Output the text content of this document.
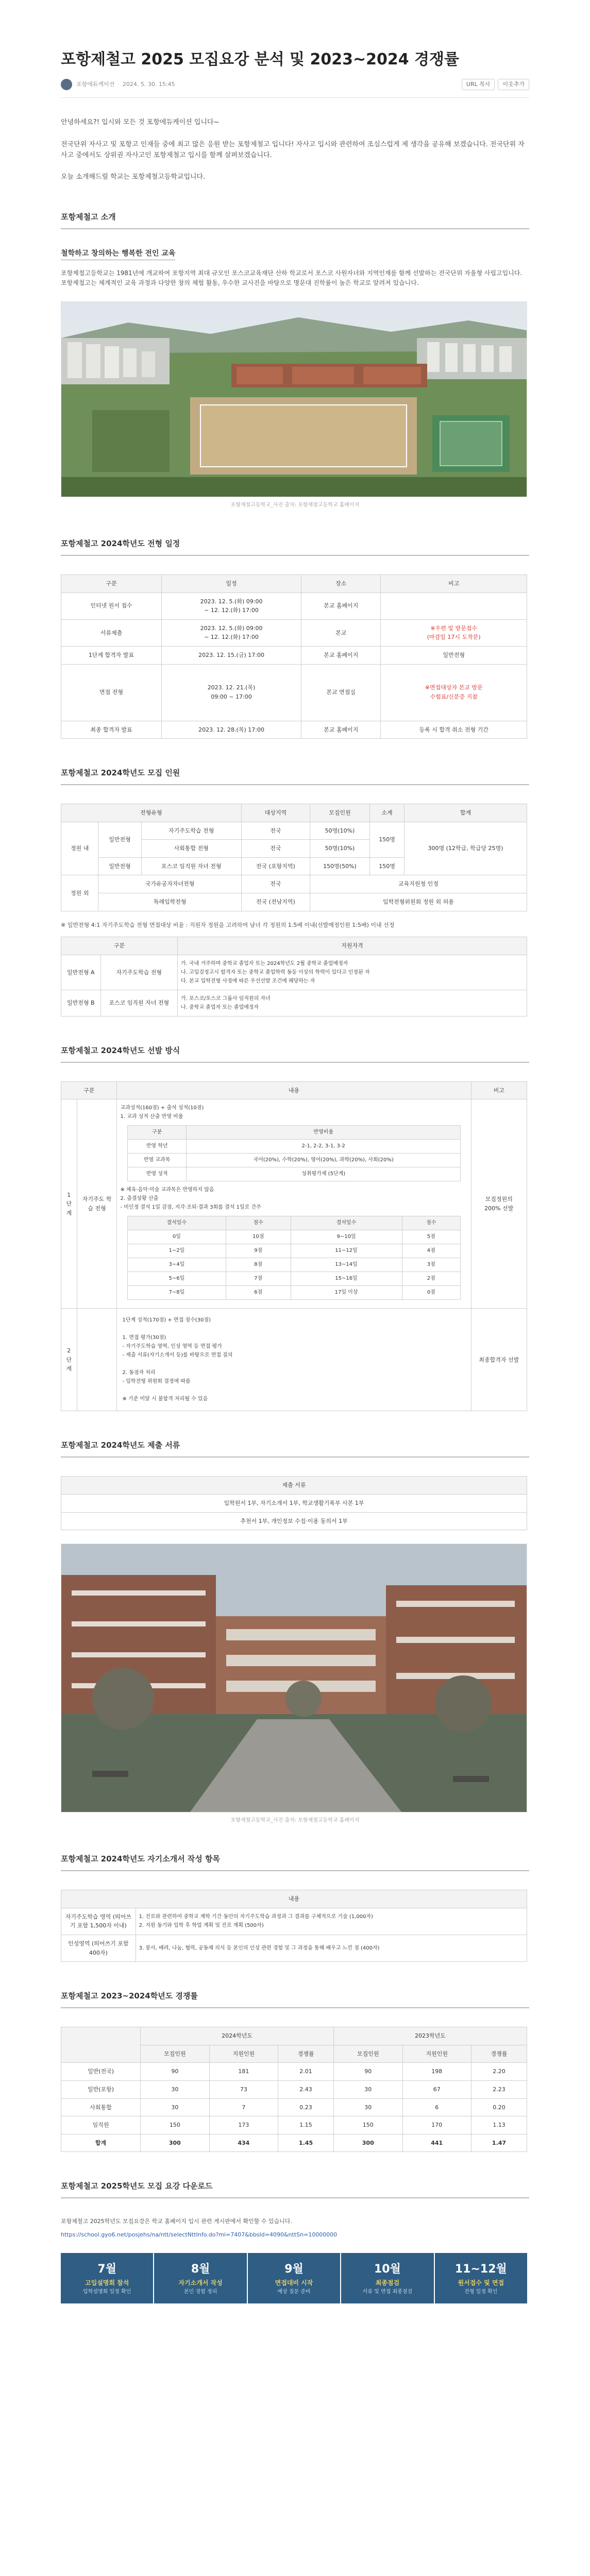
포항제철고 2025 모집요강 분석 및 2023~2024 경쟁률
포항에듀케이션 · 2024. 5. 30. 15:45	URL 복사	이웃추가

안녕하세요?! 입시와 모든 것 포항에듀케이션 입니다~

전국단위 자사고 및 포항고 인재들 중에 최고 많은 응원 받는 포항제철고 입니다! 자사고 입시와 관련하여 조심스럽게 제 생각을 공유해 보겠습니다. 전국단위 자사고 중에서도 상위권 자사고인 포항제철고 입시를 함께 살펴보겠습니다.

오늘 소개해드릴 학교는 포항제철고등학교입니다.

포항제철고 소개
철학하고 창의하는 행복한 전인 교육

포항제철고등학교는 1981년에 개교하여 포항지역 최대 규모인 포스코교육재단 산하 학교로서 포스코 사원자녀와 지역인재를 함께 선발하는 전국단위 자율형 사립고입니다. 포항제철고는 체계적인 교육 과정과 다양한 창의 체험 활동, 우수한 교사진을 바탕으로 명문대 진학률이 높은 학교로 알려져 있습니다.

포항제철고등학교_사진 출처: 포항제철고등학교 홈페이지
포항제철고 2024학년도 전형 일정
구분	일정	장소	비고
인터넷 원서 접수	2023. 12. 5.(화) 09:00
~ 12. 12.(화) 17:00	본교 홈페이지	
서류제출	2023. 12. 5.(화) 09:00
~ 12. 12.(화) 17:00	본교	※우편 및 방문접수
(마감일 17시 도착분)
1단계 합격자 발표	2023. 12. 15.(금) 17:00	본교 홈페이지	일반전형
면접 전형	2023. 12. 21.(목)
09:00 ~ 17:00	본교 면접실	※면접대상자 본교 방문
수험표/신분증 지참
최종 합격자 발표	2023. 12. 28.(목) 17:00	본교 홈페이지	등록 시 합격 취소 전형 기간
포항제철고 2024학년도 모집 인원
전형유형			대상지역	모집인원	소계	합계
정원 내	일반전형	자기주도학습 전형	전국	50명(10%)	150명	300명 (12학급, 학급당 25명)
		사회통합 전형	전국	50명(10%)		
	일반전형	포스코 임직원 자녀 전형	전국 (포항지역)	150명(50%)	150명	
정원 외	국가유공자자녀전형		전국	교육지원청 인정		
	특례입학전형		전국 (전남지역)	입학전형위원회 정원 외 허용		
※ 일반전형 4:1 자기주도학습 전형 면접대상 비율 : 지원자 정원을 고려하여 남녀 각 정원의 1.5배 이내(선발예정인원 1:5배) 이내 선정
구분		지원자격
일반전형 A	자기주도학습 전형	가. 국내 거주하며 중학교 졸업자 또는 2024학년도 2월 중학교 졸업예정자
나. 고입검정고시 합격자 또는 중학교 졸업학력 동등 이상의 학력이 있다고 인정된 자
다. 본교 입학전형 사정에 따른 우선선발 조건에 해당하는 자
일반전형 B	포스코 임직원 자녀 전형	가. 포스코/포스코 그룹사 임직원의 자녀
나. 중학교 졸업자 또는 졸업예정자
포항제철고 2024학년도 선발 방식
구분	내용	비고
1단계	자기주도 학습 전형	
교과성적(160점) + 출석 성적(10점)
1. 교과 성적 산출 반영 비율
구분	반영비율
반영 학년	2-1, 2-2, 3-1, 3-2
반영 교과목	국어(20%), 수학(20%), 영어(20%), 과학(20%), 사회(20%)
반영 성적	성취평가제 (5단계)
※ 체육·음악·미술 교과목은 반영하지 않음
2. 출결상황 산출
- 미인정 결석 1일 감점, 지각·조퇴·결과 3회를 결석 1일로 간주
결석일수	점수	결석일수	점수
0일	10점	9~10일	5점
1~2일	9점	11~12일	4점
3~4일	8점	13~14일	3점
5~6일	7점	15~16일	2점
7~8일	6점	17일 이상	0점
	모집정원의
200% 선발
2단계		1단계 성적(170점) + 면접 점수(30점)

1. 면접 평가(30점)
- 자기주도학습 영역, 인성 영역 등 면접 평가
- 제출 서류(자기소개서 등)를 바탕으로 면접 질의

2. 동점자 처리
- 입학전형 위원회 결정에 따름

※ 기준 미달 시 불합격 처리될 수 있음	최종합격자 선발
포항제철고 2024학년도 제출 서류
제출 서류
입학원서 1부, 자기소개서 1부, 학교생활기록부 사본 1부
추천서 1부, 개인정보 수집·이용 동의서 1부
포항제철고등학교_사진 출처: 포항제철고등학교 홈페이지
포항제철고 2024학년도 자기소개서 작성 항목
내용	
자기주도학습 영역 (띄어쓰기 포함 1,500자 이내)	1. 진로와 관련하여 중학교 재학 기간 동안의 자기주도학습 과정과 그 결과를 구체적으로 기술 (1,000자)
2. 지원 동기와 입학 후 학업 계획 및 진로 계획 (500자)
인성영역 (띄어쓰기 포함 400자)	3. 봉사, 배려, 나눔, 협력, 공동체 의식 등 본인의 인성 관련 경험 및 그 과정을 통해 배우고 느낀 점 (400자)
포항제철고 2023~2024학년도 경쟁률
	2024학년도			2023학년도		
	모집인원	지원인원	경쟁률	모집인원	지원인원	경쟁률
일반(전국)	90	181	2.01	90	198	2.20
일반(포항)	30	73	2.43	30	67	2.23
사회통합	30	7	0.23	30	6	0.20
임직원	150	173	1.15	150	170	1.13
합계	300	434	1.45	300	441	1.47
포항제철고 2025학년도 모집 요강 다운로드
포항제철고 2025학년도 모집요강은 학교 홈페이지 입시 관련 게시판에서 확인할 수 있습니다.
https://school.gyo6.net/posjehs/na/ntt/selectNttInfo.do?mi=7407&bbsId=4090&nttSn=10000000
7월
고입설명회 참석
입학설명회 일정 확인
8월
자기소개서 작성
본인 경험 정리
9월
면접대비 시작
예상 질문 준비
10월
최종점검
서류 및 면접 최종점검
11~12월
원서접수 및 면접
전형 일정 확인
